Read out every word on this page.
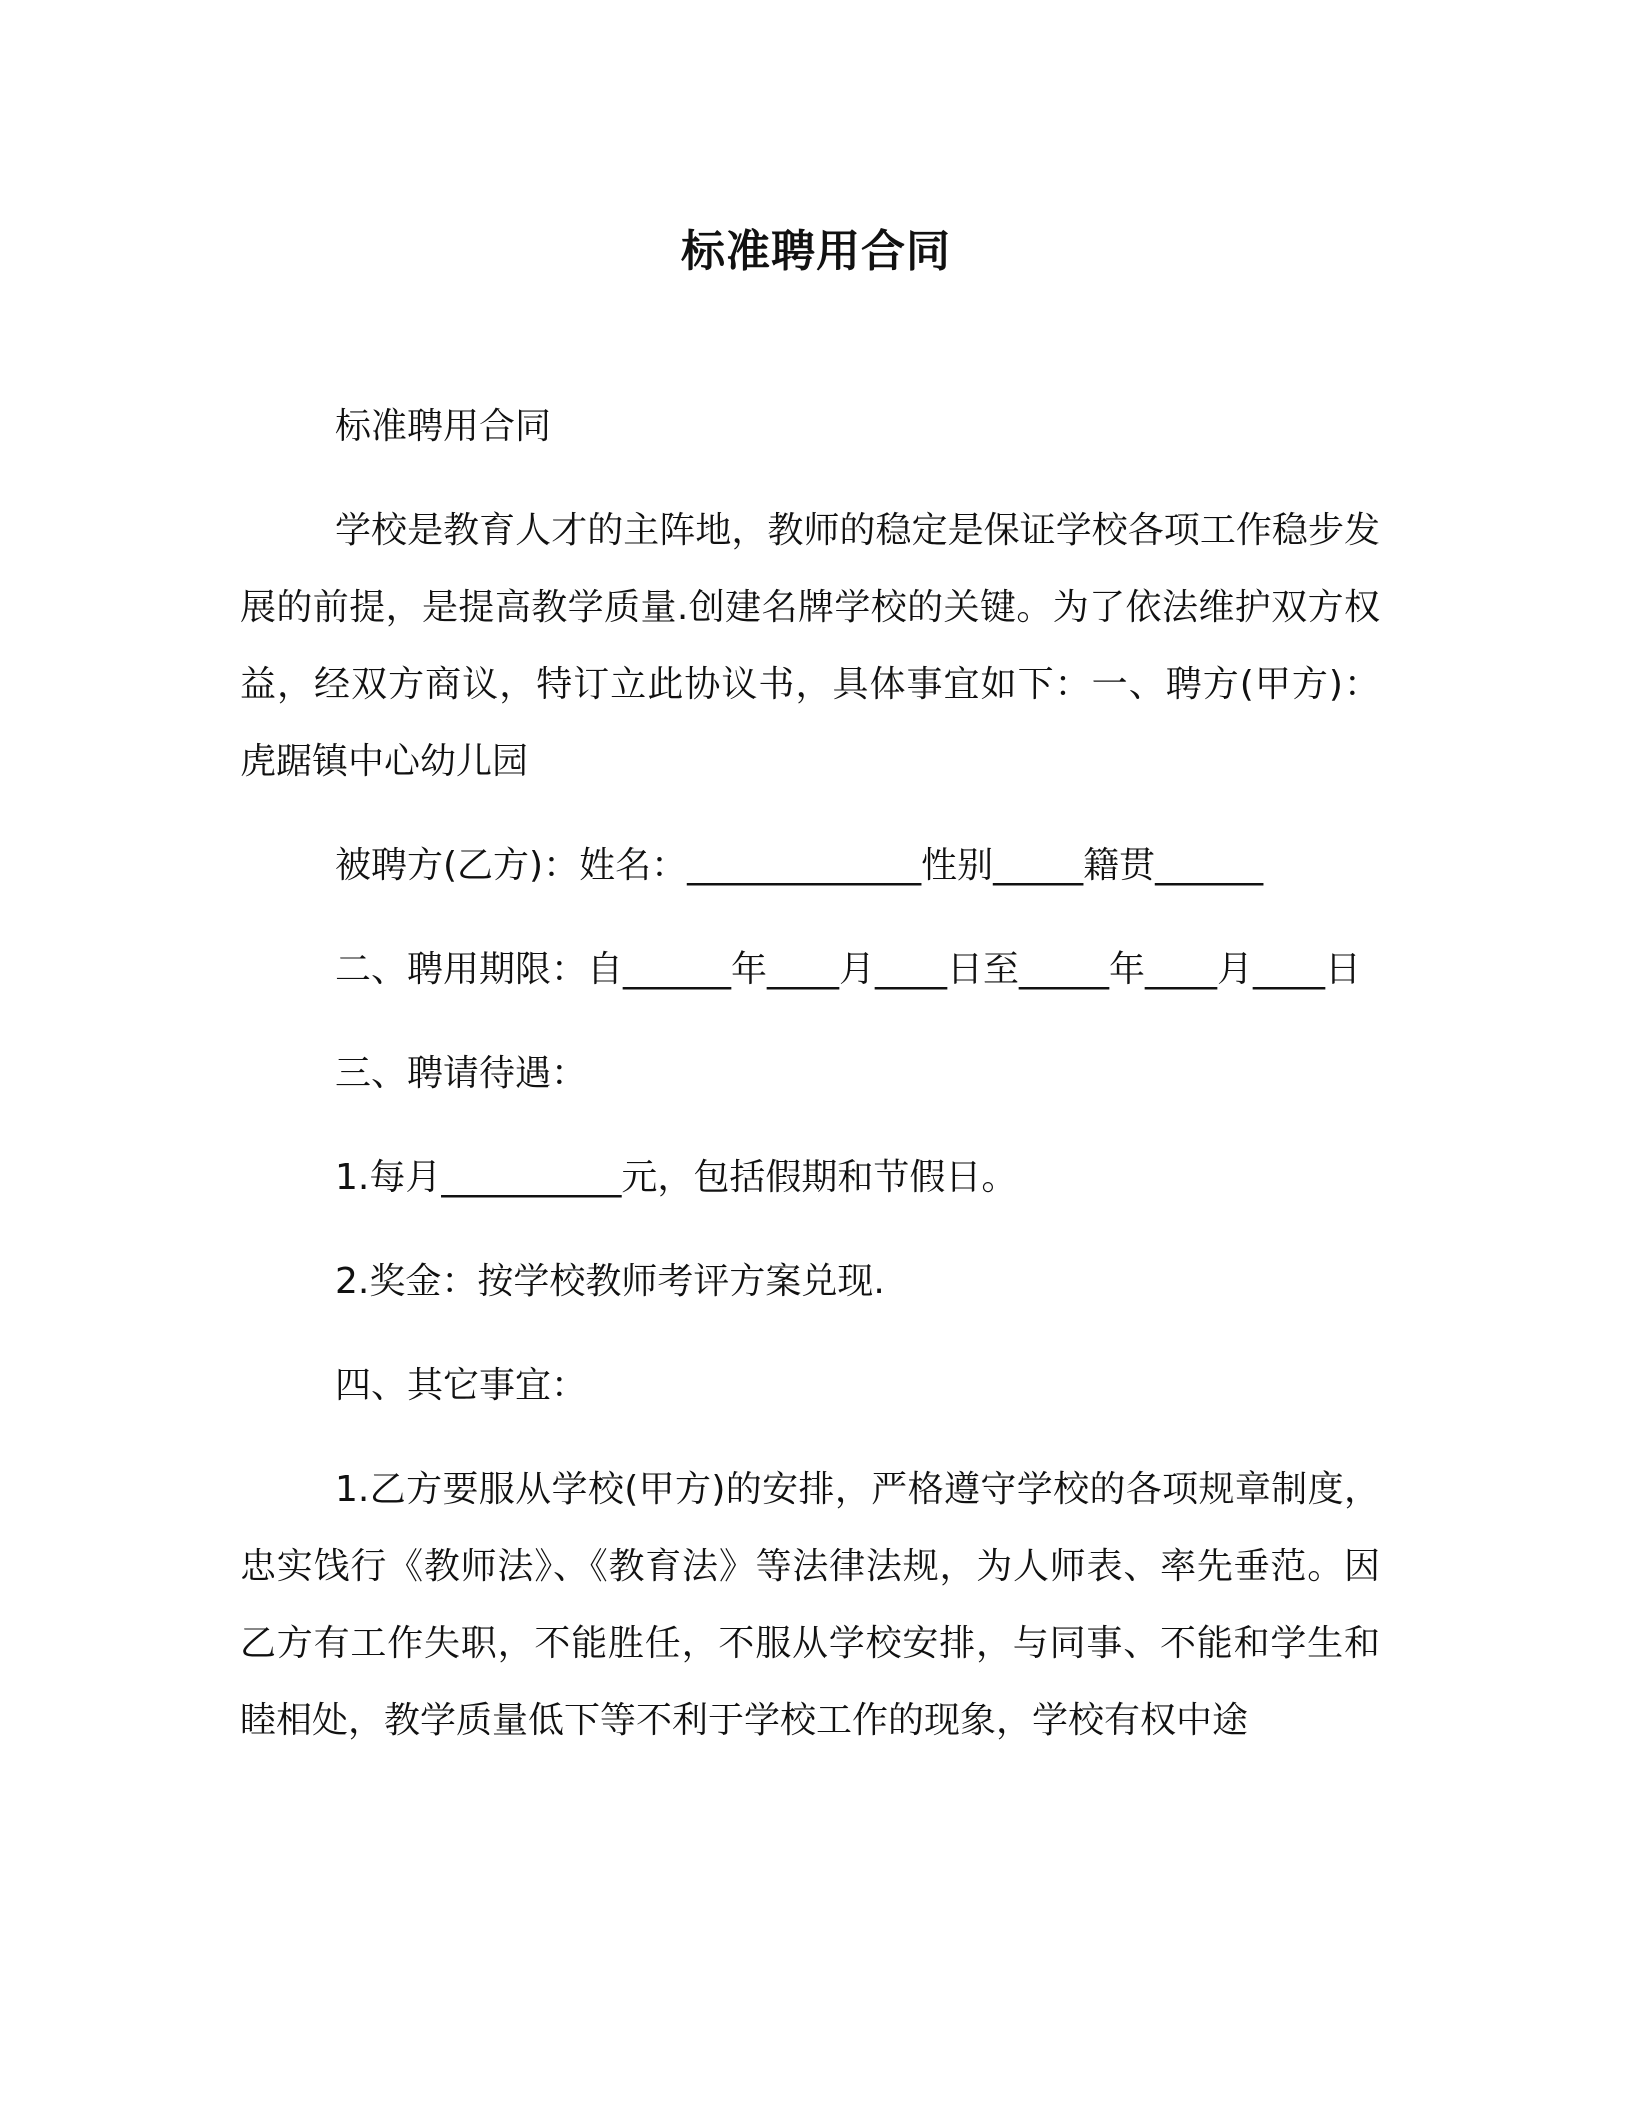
标准聘用合同

标准聘用合同

学校是教育人才的主阵地，教师的稳定是保证学校各项工作稳步发展的前提，是提高教学质量.创建名牌学校的关键。为了依法维护双方权益，经双方商议，特订立此协议书，具体事宜如下：一、聘方(甲方)：虎踞镇中心幼儿园

被聘方(乙方)：姓名：_____________性别_____籍贯______

二、聘用期限：自______年____月____日至_____年____月____日

三、聘请待遇：

1.每月__________元，包括假期和节假日。

2.奖金：按学校教师考评方案兑现.

四、其它事宜：

1.乙方要服从学校(甲方)的安排，严格遵守学校的各项规章制度，忠实饯行《教师法》、《教育法》等法律法规，为人师表、率先垂范。因乙方有工作失职，不能胜任，不服从学校安排，与同事、不能和学生和睦相处，教学质量低下等不利于学校工作的现象，学校有权中途
